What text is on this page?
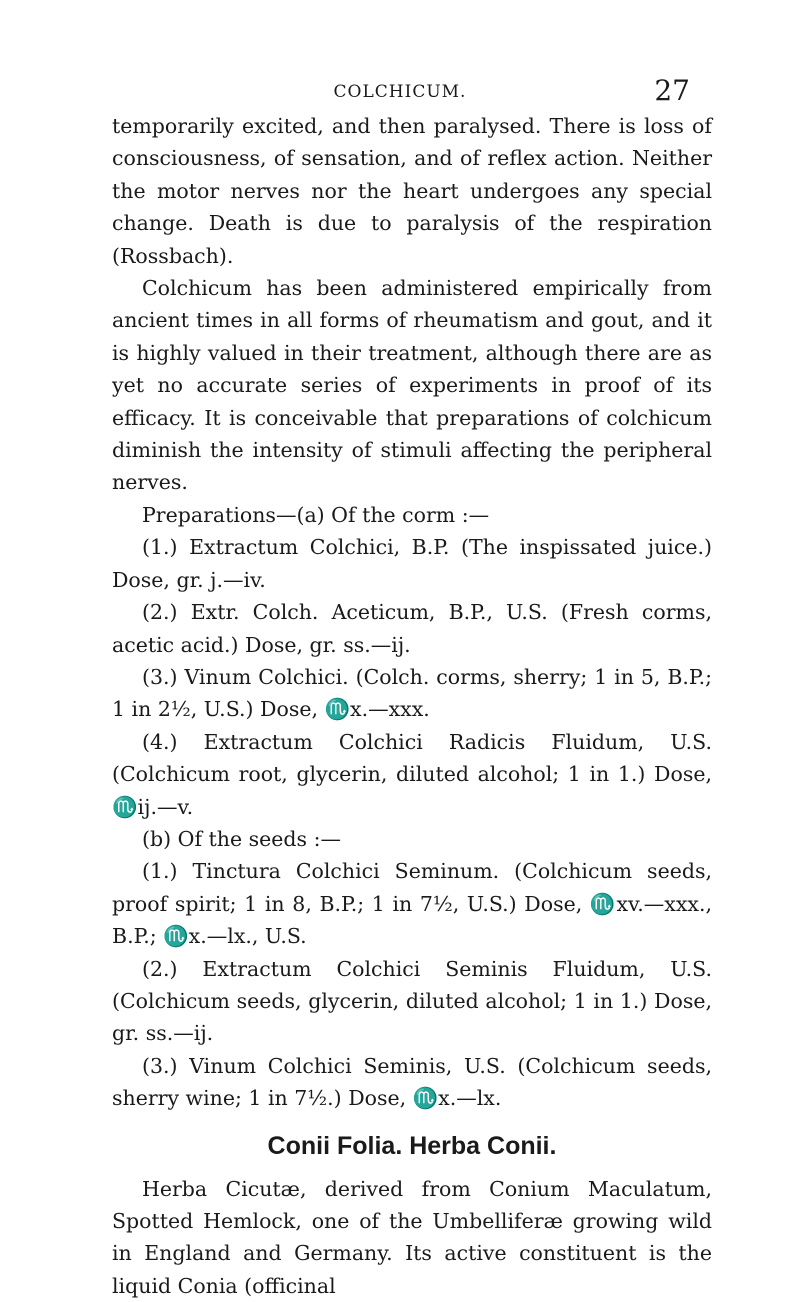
COLCHICUM.	27

temporarily excited, and then paralysed. There is loss of consciousness, of sensation, and of reflex action. Neither the motor nerves nor the heart undergoes any special change. Death is due to paralysis of the respiration (Rossbach).

Colchicum has been administered empirically from ancient times in all forms of rheumatism and gout, and it is highly valued in their treatment, although there are as yet no accurate series of experiments in proof of its efficacy. It is conceivable that preparations of colchicum diminish the intensity of stimuli affecting the peripheral nerves.

Preparations—(a) Of the corm :—

(1.) Extractum Colchici, B.P. (The inspissated juice.) Dose, gr. j.—iv.

(2.) Extr. Colch. Aceticum, B.P., U.S. (Fresh corms, acetic acid.) Dose, gr. ss.—ij.

(3.) Vinum Colchici. (Colch. corms, sherry; 1 in 5, B.P.; 1 in 2½, U.S.) Dose, ♏x.—xxx.

(4.) Extractum Colchici Radicis Fluidum, U.S. (Colchicum root, glycerin, diluted alcohol; 1 in 1.) Dose, ♏ij.—v.

(b) Of the seeds :—

(1.) Tinctura Colchici Seminum. (Colchicum seeds, proof spirit; 1 in 8, B.P.; 1 in 7½, U.S.) Dose, ♏xv.—xxx., B.P.; ♏x.—lx., U.S.

(2.) Extractum Colchici Seminis Fluidum, U.S. (Colchicum seeds, glycerin, diluted alcohol; 1 in 1.) Dose, gr. ss.—ij.

(3.) Vinum Colchici Seminis, U.S. (Colchicum seeds, sherry wine; 1 in 7½.) Dose, ♏x.—lx.

Conii Folia. Herba Conii.

Herba Cicutæ, derived from Conium Maculatum, Spotted Hemlock, one of the Umbelliferæ growing wild in England and Germany. Its active constituent is the liquid Conia (officinal
